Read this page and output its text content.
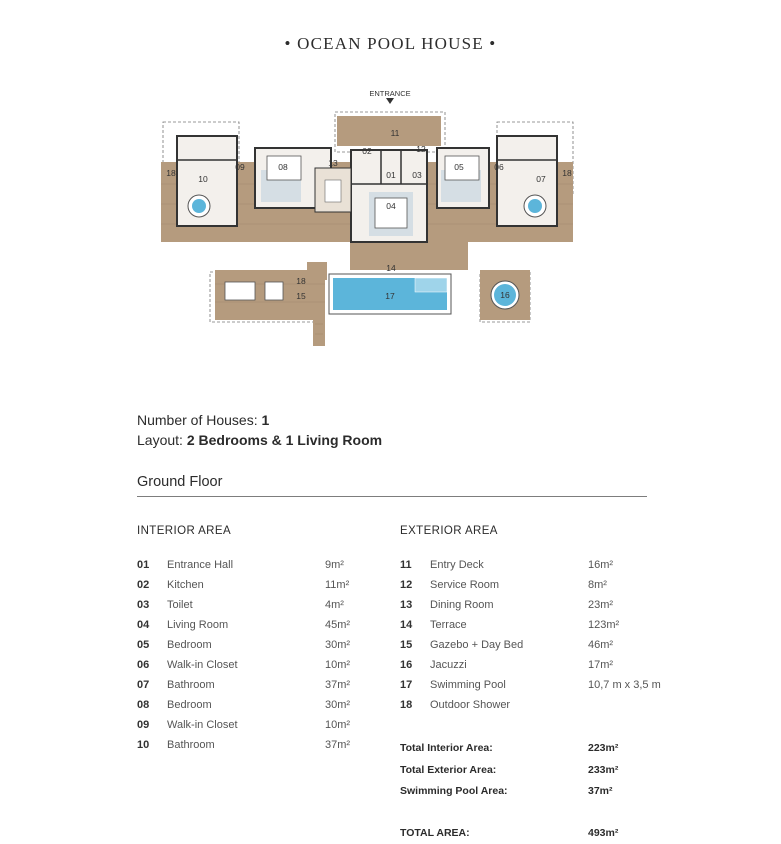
• OCEAN POOL HOUSE •
ENTRANCE
11
12
02
01 03
04
13
08	05
10	07
09	06
18	18
18
14
15	17	16
Number of Houses: 1
Layout: 2 Bedrooms & 1 Living Room
Ground Floor
INTERIOR AREA	EXTERIOR AREA
01 Entrance Hall	9m²
02 Kitchen	11m²
03 Toilet	4m²
04 Living Room	45m²
05 Bedroom	30m²
06 Walk-in Closet	10m²
07 Bathroom	37m²
08 Bedroom	30m²
09 Walk-in Closet	10m²
10 Bathroom	37m²
11 Entry Deck	16m²
12 Service Room	8m²
13 Dining Room	23m²
14 Terrace	123m²
15 Gazebo + Day Bed	46m²
16 Jacuzzi	17m²
17 Swimming Pool	10,7 m x 3,5 m
18 Outdoor Shower
Total Interior Area:	223m²
Total Exterior Area:	233m²
Swimming Pool Area:	37m²
TOTAL AREA:	493m²
